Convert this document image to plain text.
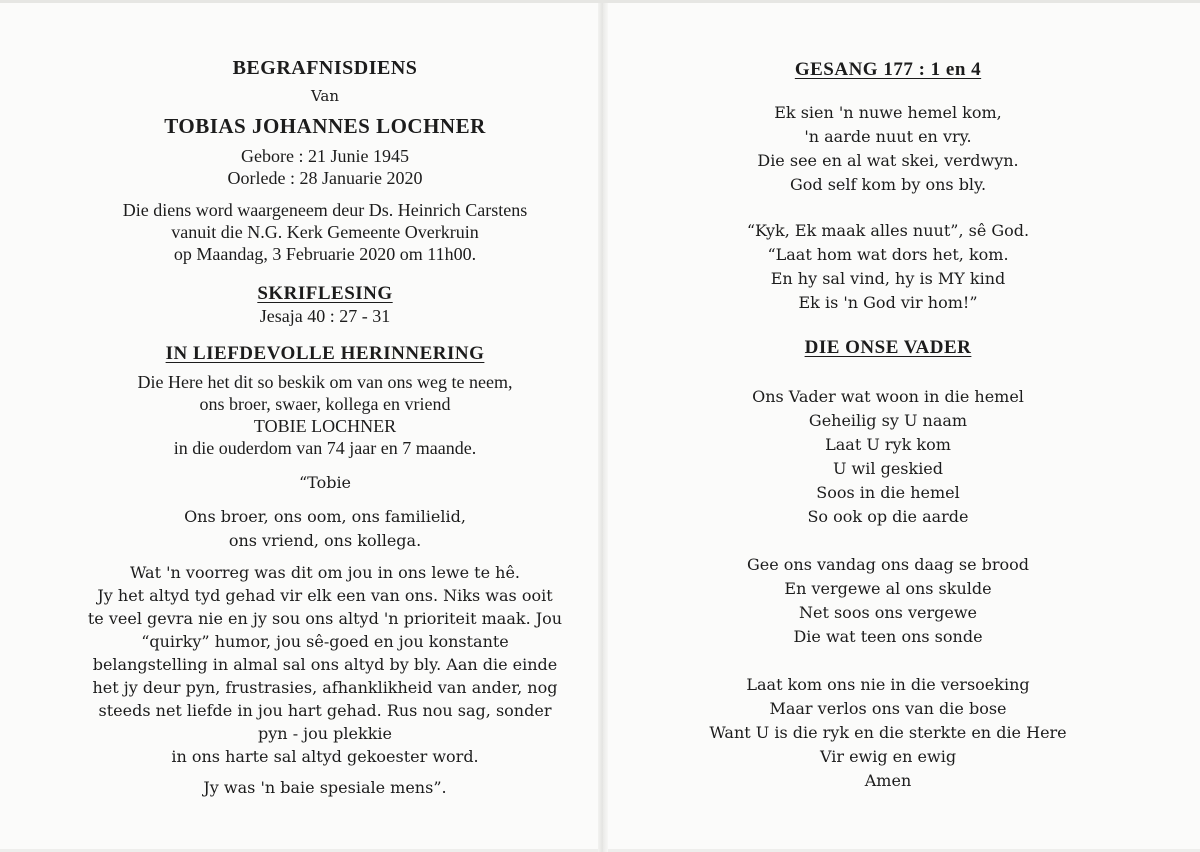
BEGRAFNISDIENS
Van
TOBIAS JOHANNES LOCHNER
Gebore : 21 Junie 1945
Oorlede : 28 Januarie 2020
Die diens word waargeneem deur Ds. Heinrich Carstens
vanuit die N.G. Kerk Gemeente Overkruin
op Maandag, 3 Februarie 2020 om 11h00.
SKRIFLESING
Jesaja 40 : 27 - 31
IN LIEFDEVOLLE HERINNERING
Die Here het dit so beskik om van ons weg te neem,
ons broer, swaer, kollega en vriend
TOBIE LOCHNER
in die ouderdom van 74 jaar en 7 maande.
“Tobie
Ons broer, ons oom, ons familielid,
ons vriend, ons kollega.
Wat 'n voorreg was dit om jou in ons lewe te hê.
Jy het altyd tyd gehad vir elk een van ons. Niks was ooit
te veel gevra nie en jy sou ons altyd 'n prioriteit maak. Jou
“quirky” humor, jou sê-goed en jou konstante
belangstelling in almal sal ons altyd by bly. Aan die einde
het jy deur pyn, frustrasies, afhanklikheid van ander, nog
steeds net liefde in jou hart gehad. Rus nou sag, sonder
pyn - jou plekkie
in ons harte sal altyd gekoester word.
Jy was 'n baie spesiale mens”.
GESANG 177 : 1 en 4
Ek sien 'n nuwe hemel kom,
'n aarde nuut en vry.
Die see en al wat skei, verdwyn.
God self kom by ons bly.
“Kyk, Ek maak alles nuut”, sê God.
“Laat hom wat dors het, kom.
En hy sal vind, hy is MY kind
Ek is 'n God vir hom!”
DIE ONSE VADER
Ons Vader wat woon in die hemel
Geheilig sy U naam
Laat U ryk kom
U wil geskied
Soos in die hemel
So ook op die aarde
Gee ons vandag ons daag se brood
En vergewe al ons skulde
Net soos ons vergewe
Die wat teen ons sonde
Laat kom ons nie in die versoeking
Maar verlos ons van die bose
Want U is die ryk en die sterkte en die Here
Vir ewig en ewig
Amen
